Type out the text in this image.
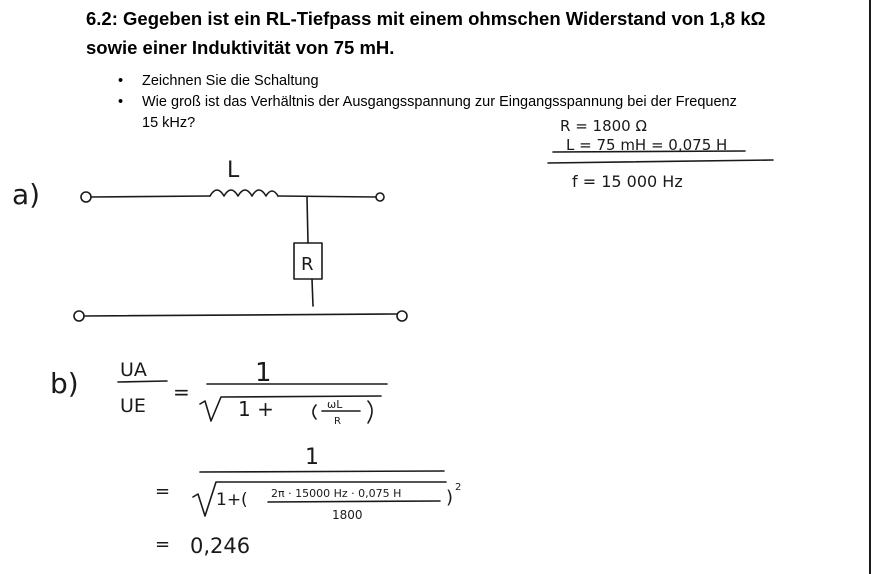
6.2: Gegeben ist ein RL-Tiefpass mit einem ohmschen Widerstand von 1,8 kΩ
sowie einer Induktivität von 75 mH.
• Zeichnen Sie die Schaltung
• Wie groß ist das Verhältnis der Ausgangsspannung zur Eingangsspannung bei der Frequenz
15 kHz?	R = 1800 Ω
L = 75 mH = 0,075 H
f = 15 000 Hz
a)
L
R
b) UA
UE
=
1
1 +	ωL
R
1
=	1+( 2π · 15000 Hz · 0,075 H
1800
) 2
= 0,246
